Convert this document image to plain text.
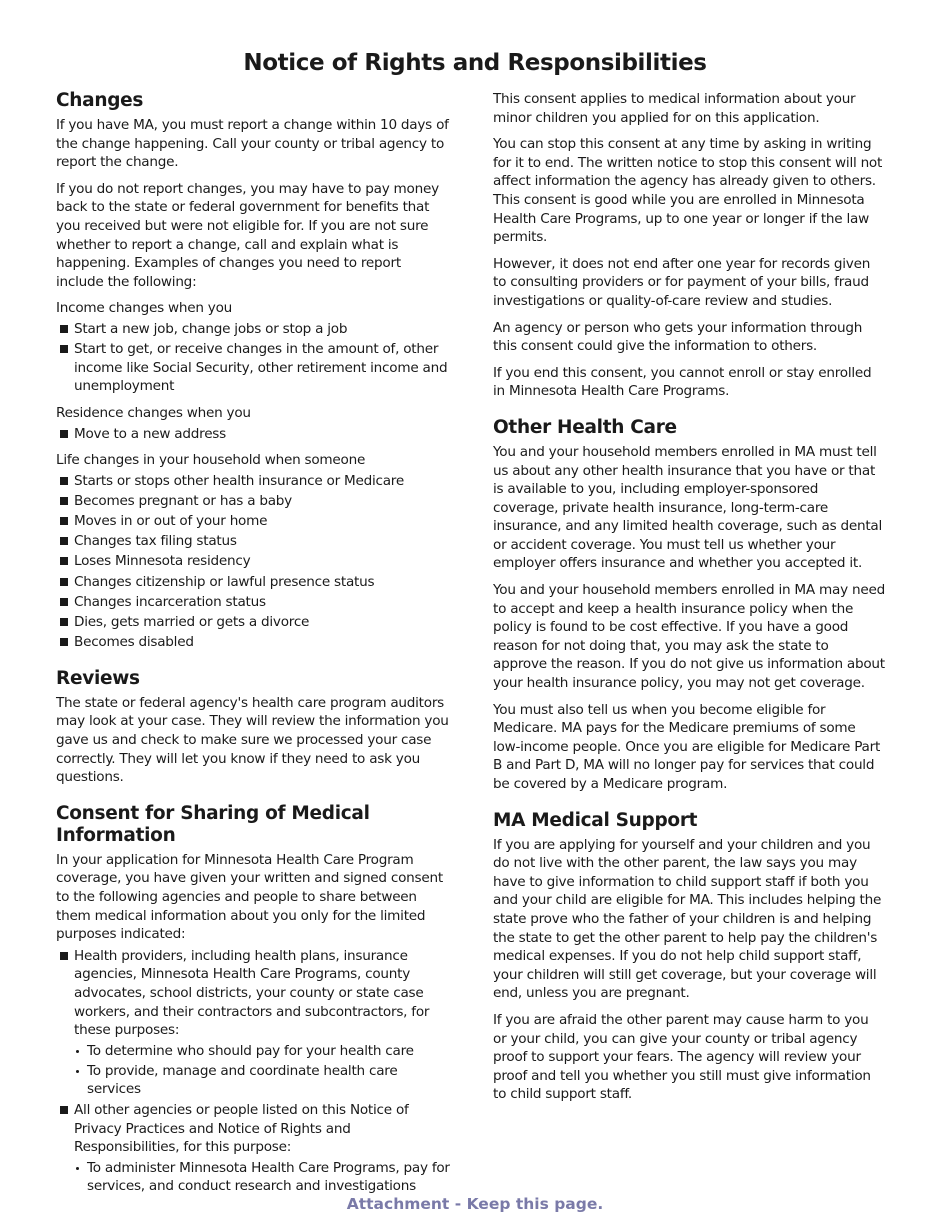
Notice of Rights and Responsibilities
Changes

If you have MA, you must report a change within 10 days of the change happening. Call your county or tribal agency to report the change.

If you do not report changes, you may have to pay money back to the state or federal government for benefits that you received but were not eligible for. If you are not sure whether to report a change, call and explain what is happening. Examples of changes you need to report include the following:

Income changes when you

Start a new job, change jobs or stop a job
Start to get, or receive changes in the amount of, other income like Social Security, other retirement income and unemployment

Residence changes when you

Move to a new address

Life changes in your household when someone

Starts or stops other health insurance or Medicare
Becomes pregnant or has a baby
Moves in or out of your home
Changes tax filing status
Loses Minnesota residency
Changes citizenship or lawful presence status
Changes incarceration status
Dies, gets married or gets a divorce
Becomes disabled
Reviews

The state or federal agency's health care program auditors may look at your case. They will review the information you gave us and check to make sure we processed your case correctly. They will let you know if they need to ask you questions.

Consent for Sharing of Medical Information

In your application for Minnesota Health Care Program coverage, you have given your written and signed consent to the following agencies and people to share between them medical information about you only for the limited purposes indicated:

Health providers, including health plans, insurance agencies, Minnesota Health Care Programs, county advocates, school districts, your county or state case workers, and their contractors and subcontractors, for these purposes:
To determine who should pay for your health care
To provide, manage and coordinate health care services
All other agencies or people listed on this Notice of Privacy Practices and Notice of Rights and Responsibilities, for this purpose:
To administer Minnesota Health Care Programs, pay for services, and conduct research and investigations

This consent applies to medical information about your minor children you applied for on this application.

You can stop this consent at any time by asking in writing for it to end. The written notice to stop this consent will not affect information the agency has already given to others. This consent is good while you are enrolled in Minnesota Health Care Programs, up to one year or longer if the law permits.

However, it does not end after one year for records given to consulting providers or for payment of your bills, fraud investigations or quality-of-care review and studies.

An agency or person who gets your information through this consent could give the information to others.

If you end this consent, you cannot enroll or stay enrolled in Minnesota Health Care Programs.

Other Health Care

You and your household members enrolled in MA must tell us about any other health insurance that you have or that is available to you, including employer-sponsored coverage, private health insurance, long-term-care insurance, and any limited health coverage, such as dental or accident coverage. You must tell us whether your employer offers insurance and whether you accepted it.

You and your household members enrolled in MA may need to accept and keep a health insurance policy when the policy is found to be cost effective. If you have a good reason for not doing that, you may ask the state to approve the reason. If you do not give us information about your health insurance policy, you may not get coverage.

You must also tell us when you become eligible for Medicare. MA pays for the Medicare premiums of some low-income people. Once you are eligible for Medicare Part B and Part D, MA will no longer pay for services that could be covered by a Medicare program.

MA Medical Support

If you are applying for yourself and your children and you do not live with the other parent, the law says you may have to give information to child support staff if both you and your child are eligible for MA. This includes helping the state prove who the father of your children is and helping the state to get the other parent to help pay the children's medical expenses. If you do not help child support staff, your children will still get coverage, but your coverage will end, unless you are pregnant.

If you are afraid the other parent may cause harm to you or your child, you can give your county or tribal agency proof to support your fears. The agency will review your proof and tell you whether you still must give information to child support staff.

Attachment - Keep this page.
